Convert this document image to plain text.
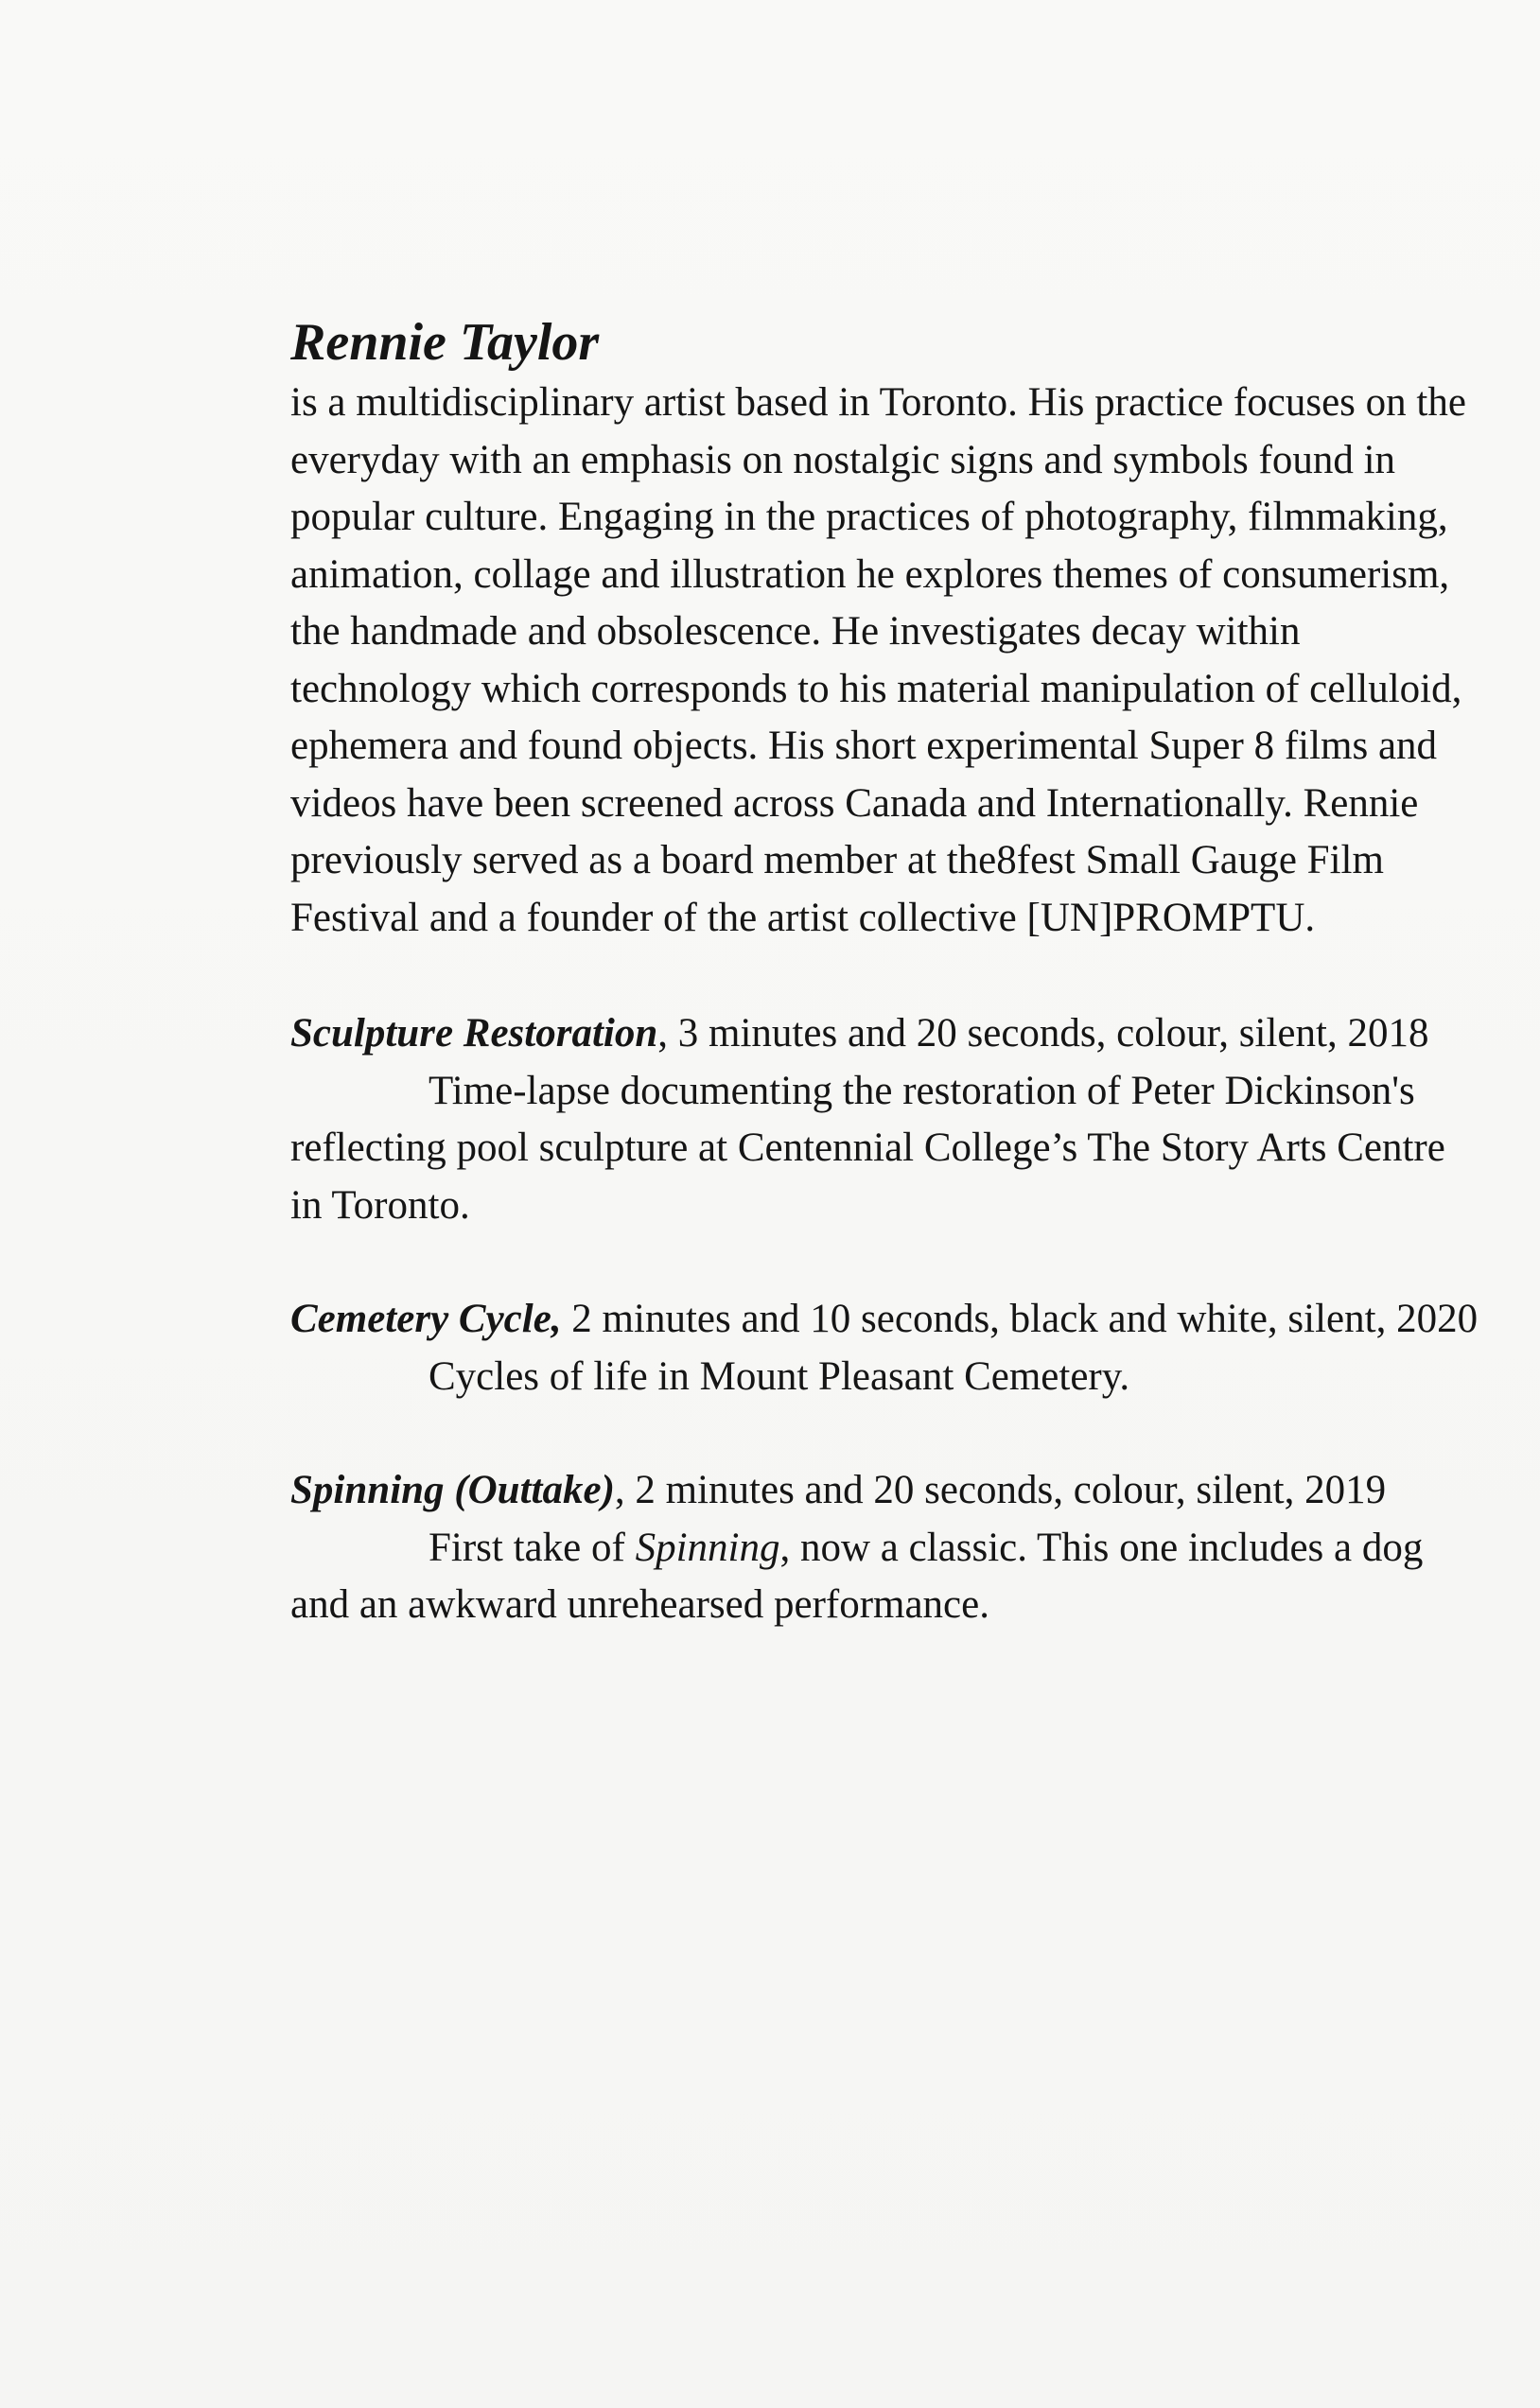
Rennie Taylor

is a multidisciplinary artist based in Toronto. His practice focuses on the everyday with an emphasis on nostalgic signs and symbols found in popular culture. Engaging in the practices of photography, filmmaking, animation, collage and illustration he explores themes of consumerism, the handmade and obsolescence. He investigates decay within technology which corresponds to his material manipulation of celluloid, ephemera and found objects. His short experimental Super 8 films and videos have been screened across Canada and Internationally. Rennie previously served as a board member at the8fest Small Gauge Film Festival and a founder of the artist collective [UN]PROMPTU.

Sculpture Restoration, 3 minutes and 20 seconds, colour, silent, 2018

Time-lapse documenting the restoration of Peter Dickinson's reflecting pool sculpture at Centennial College’s The Story Arts Centre in Toronto.

Cemetery Cycle, 2 minutes and 10 seconds, black and white, silent, 2020

Cycles of life in Mount Pleasant Cemetery.

Spinning (Outtake), 2 minutes and 20 seconds, colour, silent, 2019

First take of Spinning, now a classic. This one includes a dog and an awkward unrehearsed performance.
